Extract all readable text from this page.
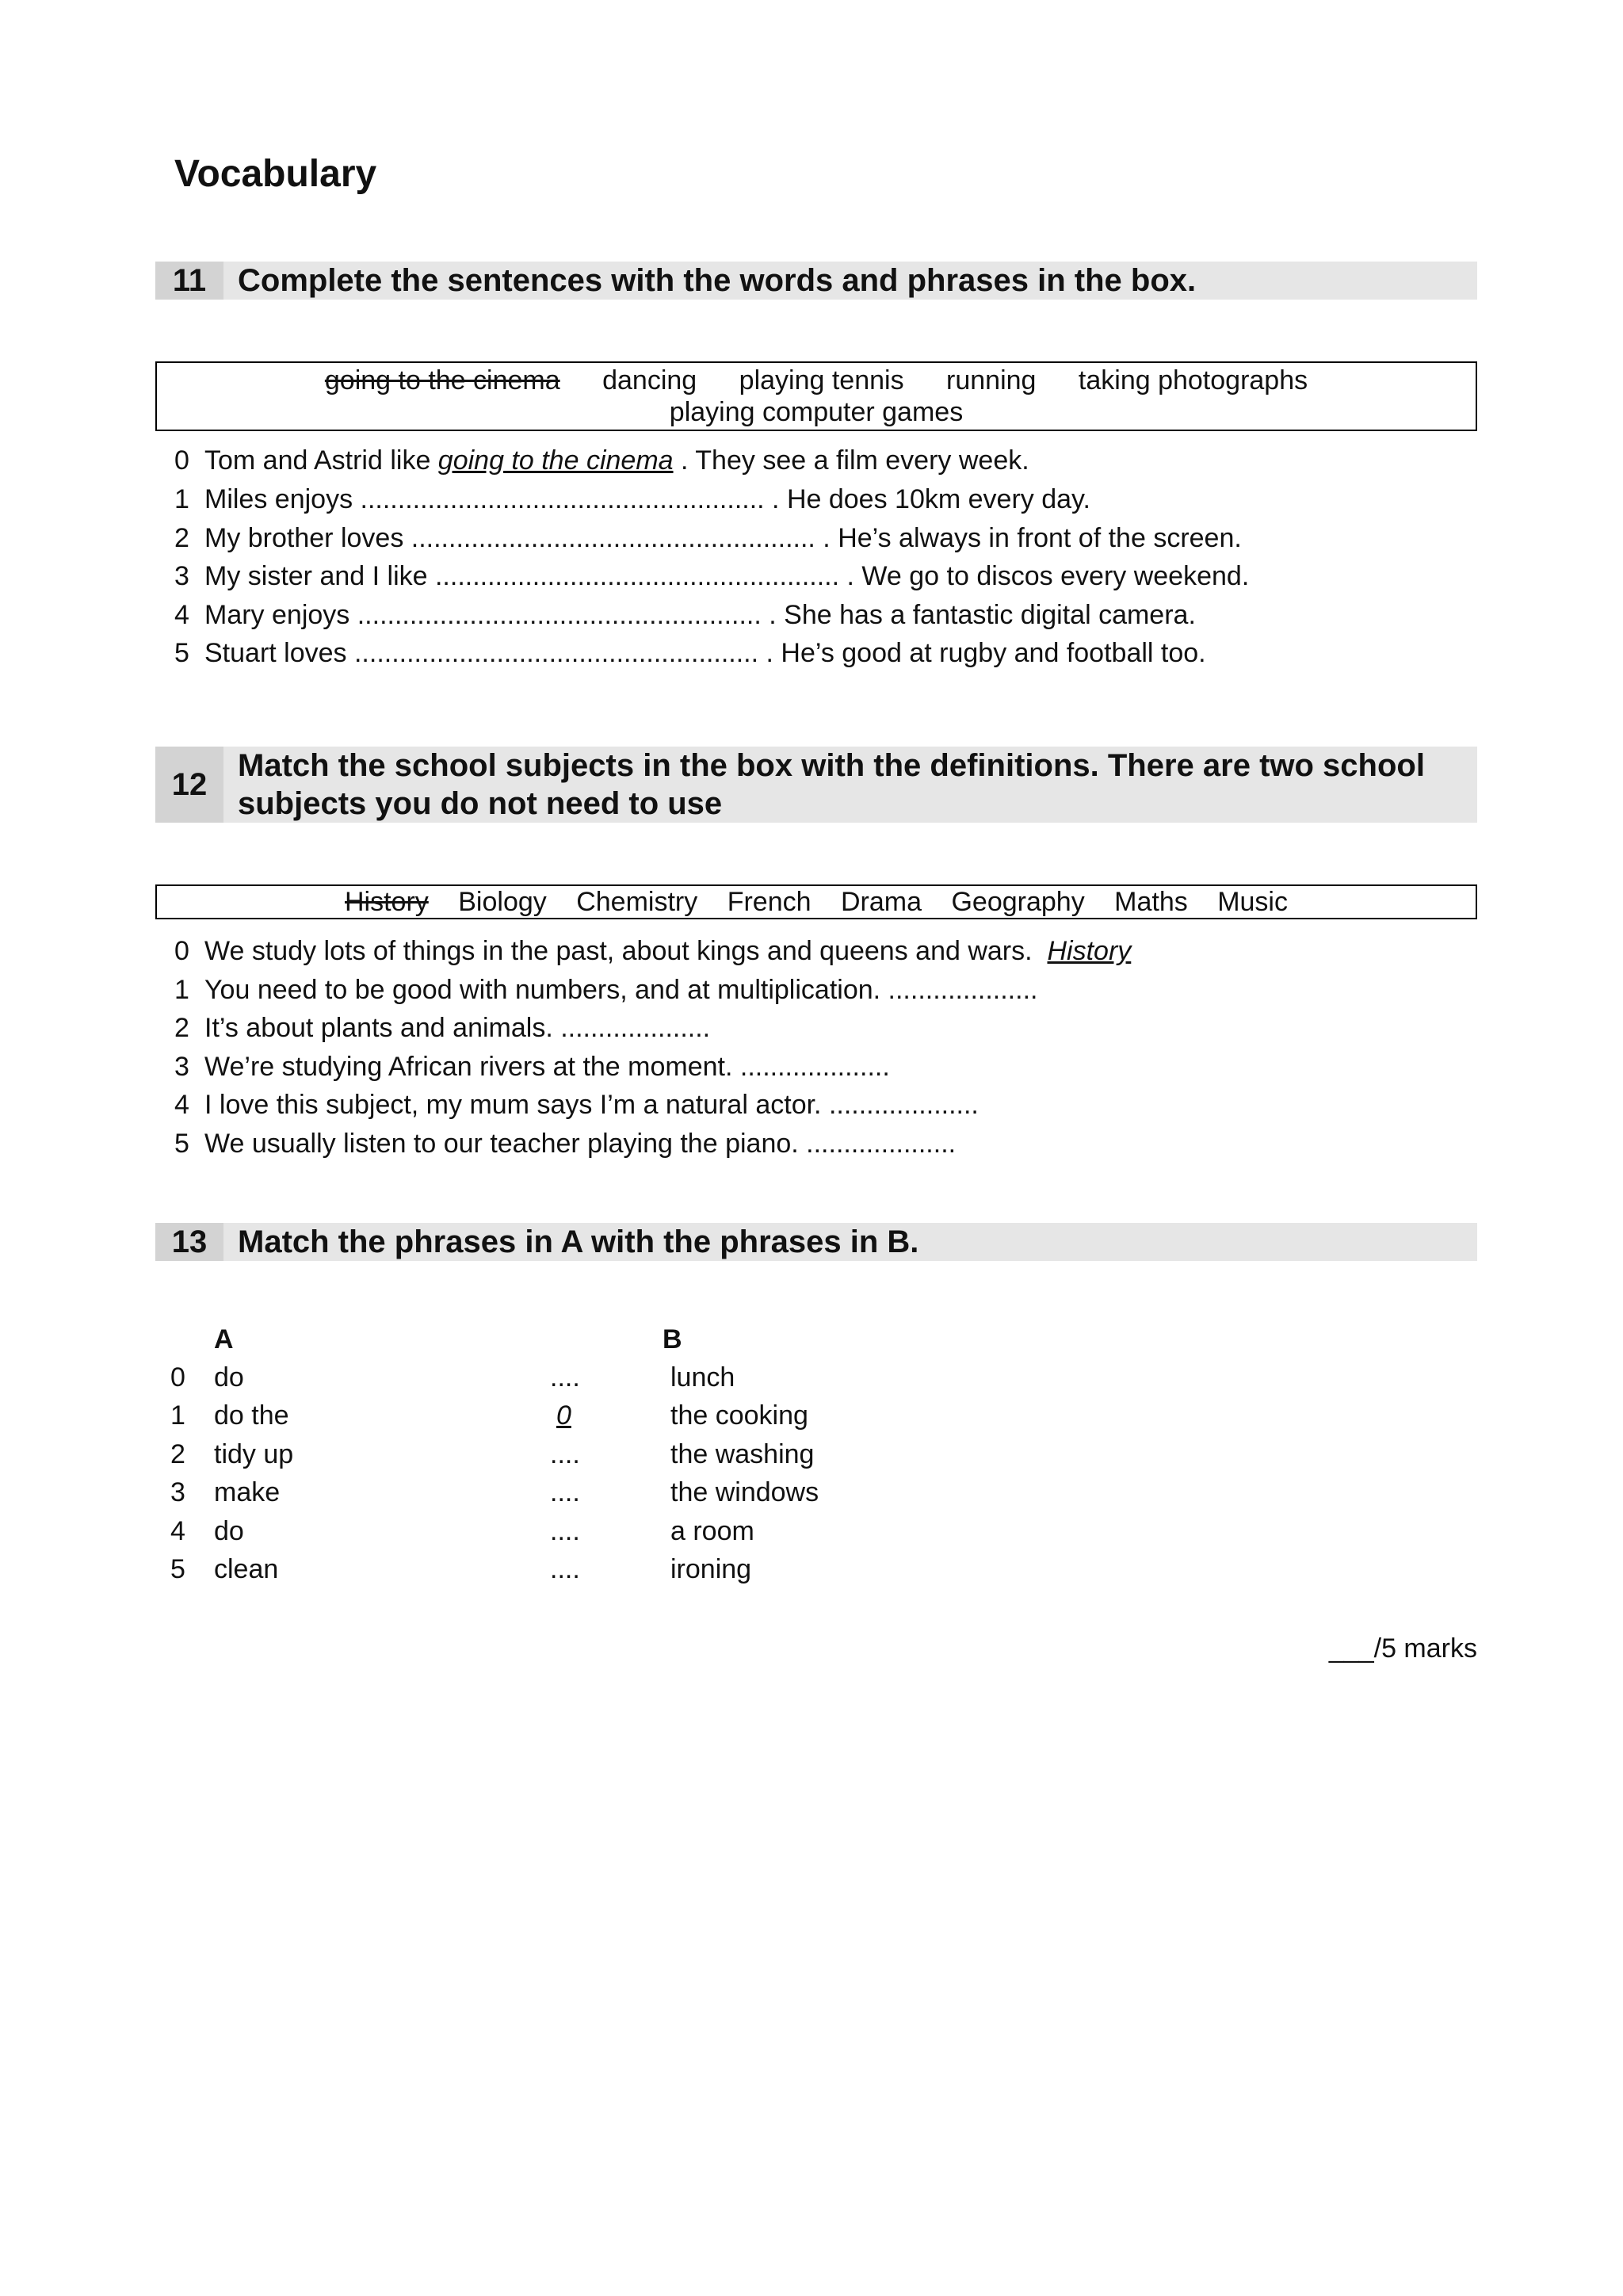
Vocabulary
11 Complete the sentences with the words and phrases in the box.
going to the cinema dancing playing tennis running taking photographs
playing computer games
0 Tom and Astrid like going to the cinema . They see a film every week.
1 Miles enjoys ...................................................... . He does 10km every day.
2 My brother loves ...................................................... . He’s always in front of the screen.
3 My sister and I like ...................................................... . We go to discos every weekend.
4 Mary enjoys ...................................................... . She has a fantastic digital camera.
5 Stuart loves ...................................................... . He’s good at rugby and football too.
12
Match the school subjects in the box with the definitions. There are two school subjects you do not need to use
History Biology Chemistry French Drama Geography Maths Music
0 We study lots of things in the past, about kings and queens and wars. History
1 You need to be good with numbers, and at multiplication. ....................
2 It’s about plants and animals. ....................
3 We’re studying African rivers at the moment. ....................
4 I love this subject, my mum says I’m a natural actor. ....................
5 We usually listen to our teacher playing the piano. ....................
13 Match the phrases in A with the phrases in B.
A	B
0 do	....	lunch
1 do the	0	the cooking
2 tidy up	....	the washing
3 make	....	the windows
4 do	....	a room
5 clean	....	ironing
___/5 marks
